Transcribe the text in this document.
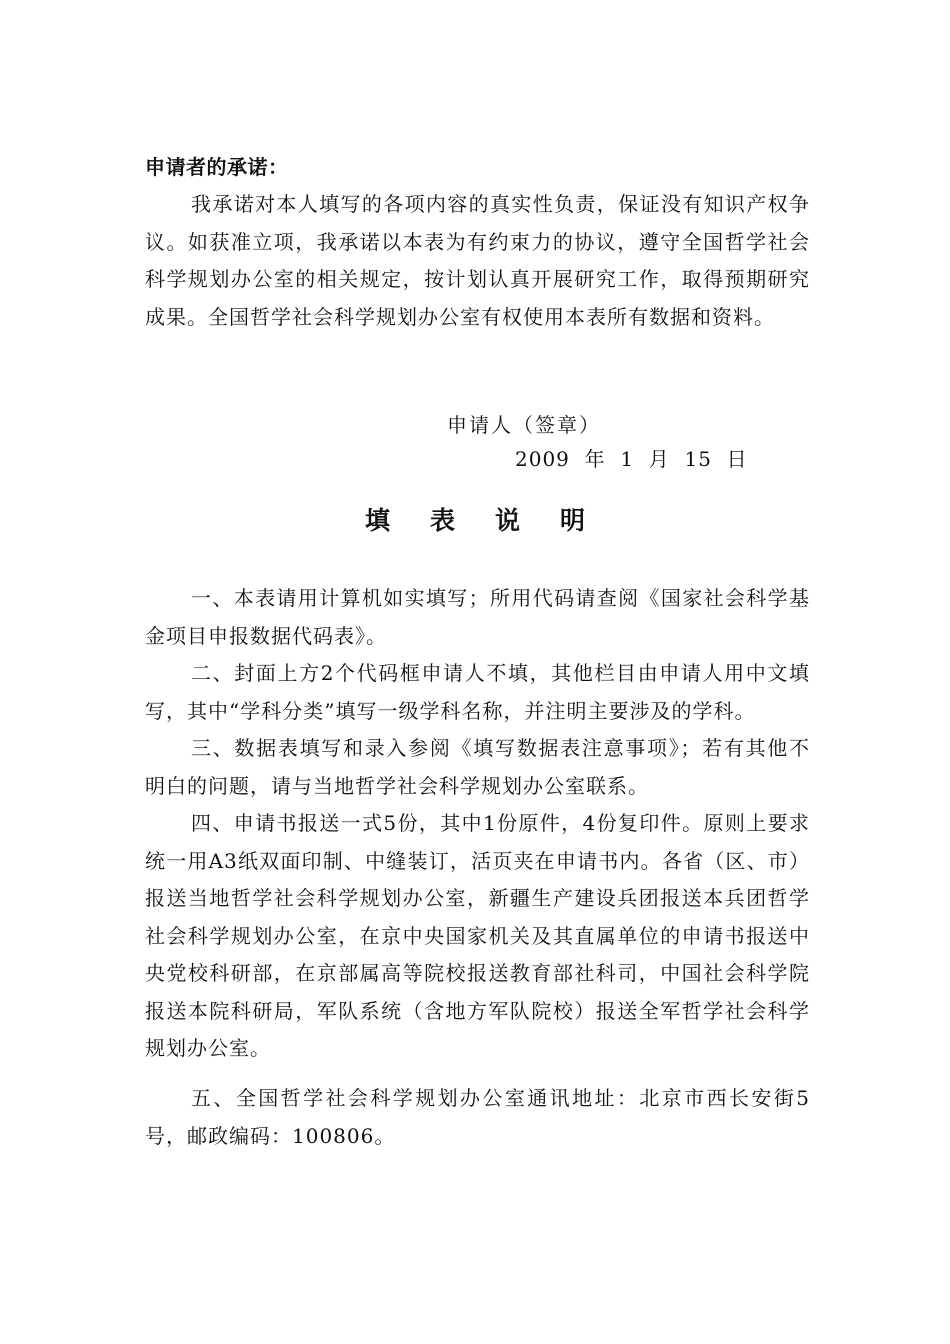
申请者的承诺：

我承诺对本人填写的各项内容的真实性负责，保证没有知识产权争议。如获准立项，我承诺以本表为有约束力的协议，遵守全国哲学社会科学规划办公室的相关规定，按计划认真开展研究工作，取得预期研究成果。全国哲学社会科学规划办公室有权使用本表所有数据和资料。

申请人（签章）
2009  年  1  月  15  日
填表说明

一、本表请用计算机如实填写；所用代码请查阅《国家社会科学基金项目申报数据代码表》。

二、封面上方2个代码框申请人不填，其他栏目由申请人用中文填写，其中“学科分类”填写一级学科名称，并注明主要涉及的学科。

三、数据表填写和录入参阅《填写数据表注意事项》；若有其他不明白的问题，请与当地哲学社会科学规划办公室联系。

四、申请书报送一式5份，其中1份原件，4份复印件。原则上要求统一用A3纸双面印制、中缝装订，活页夹在申请书内。各省（区、市）报送当地哲学社会科学规划办公室，新疆生产建设兵团报送本兵团哲学社会科学规划办公室，在京中央国家机关及其直属单位的申请书报送中央党校科研部，在京部属高等院校报送教育部社科司，中国社会科学院报送本院科研局，军队系统（含地方军队院校）报送全军哲学社会科学规划办公室。

五、全国哲学社会科学规划办公室通讯地址：北京市西长安街5号，邮政编码：100806。
